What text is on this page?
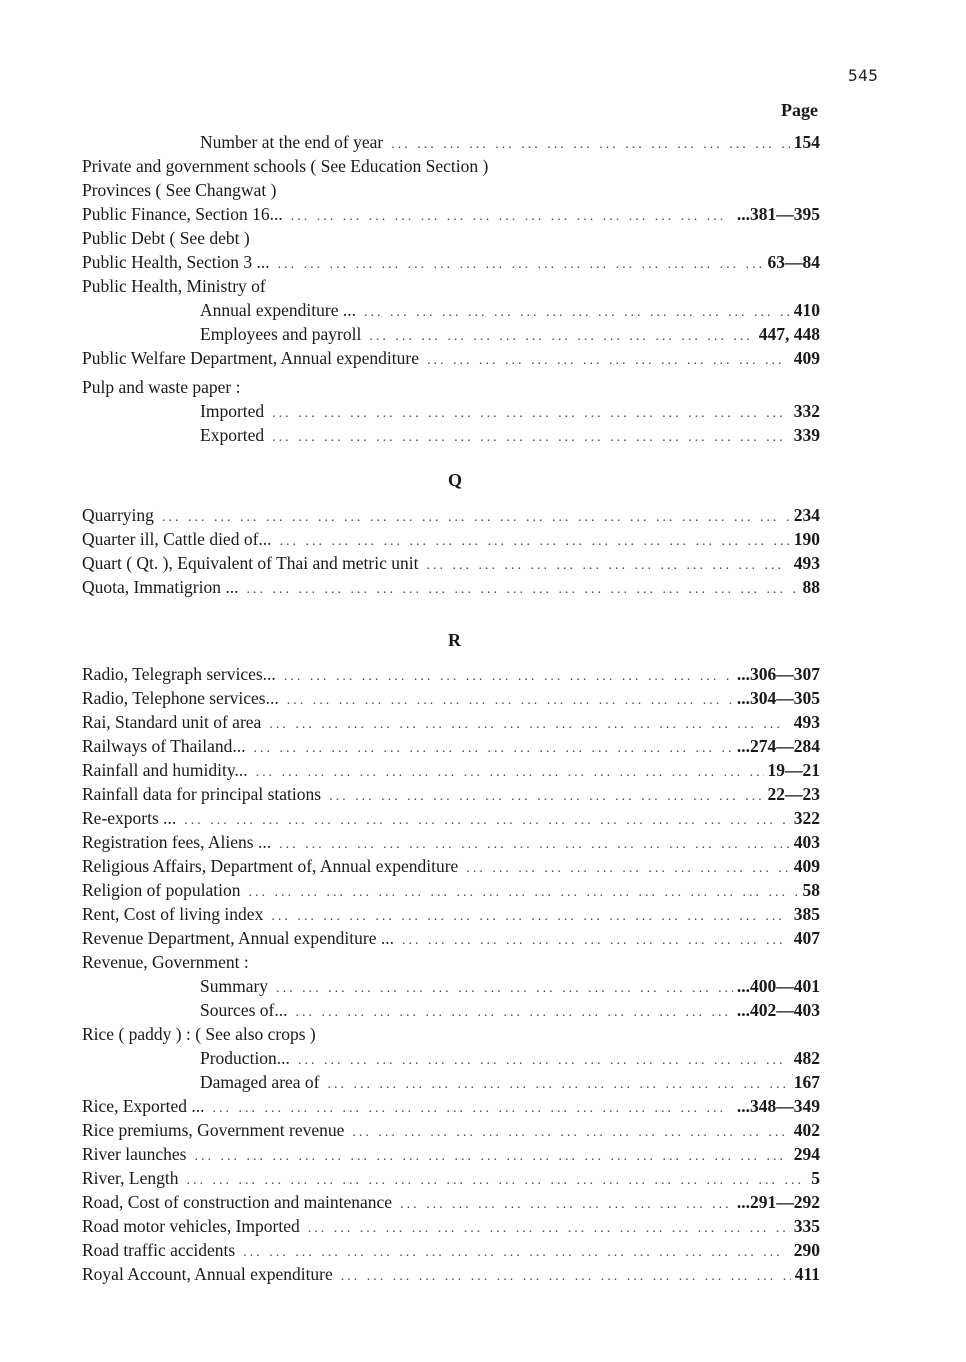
545
Page
Number at the end of year ... .	154
Private and government schools ( See Education Section )
Provinces ( See Changwat )
Public Finance, Section 16... ... .	...381—395
Public Debt ( See debt )
Public Health, Section 3 ... ... .	63—84
Public Health, Ministry of
Annual expenditure ... ... .	410
Employees and payroll ... .	447, 448
Public Welfare Department, Annual expenditure ... .	409
Pulp and waste paper :
Imported ... .	332
Exported ... .	339
Q
Quarrying ... .	234
Quarter ill, Cattle died of... ... .	190
Quart ( Qt. ), Equivalent of Thai and metric unit ... .	493
Quota, Immatigrion ... ... .	88
R
Radio, Telegraph services... ... .	...306—307
Radio, Telephone services... ... .	...304—305
Rai, Standard unit of area ... .	493
Railways of Thailand... ... .	...274—284
Rainfall and humidity... ... .	19—21
Rainfall data for principal stations ... .	22—23
Re-exports ... ... .	322
Registration fees, Aliens ... ... .	403
Religious Affairs, Department of, Annual expenditure ... .	409
Religion of population ... .	58
Rent, Cost of living index ... .	385
Revenue Department, Annual expenditure ... ... .	407
Revenue, Government :
Summary ... .	...400—401
Sources of... ... .	...402—403
Rice ( paddy ) : ( See also crops )
Production... ... .	482
Damaged area of ... .	167
Rice, Exported ... ... .	...348—349
Rice premiums, Government revenue ... .	402
River launches ... .	294
River, Length ... .	5
Road, Cost of construction and maintenance ... .	...291—292
Road motor vehicles, Imported ... .	335
Road traffic accidents ... .	290
Royal Account, Annual expenditure ... .	411
